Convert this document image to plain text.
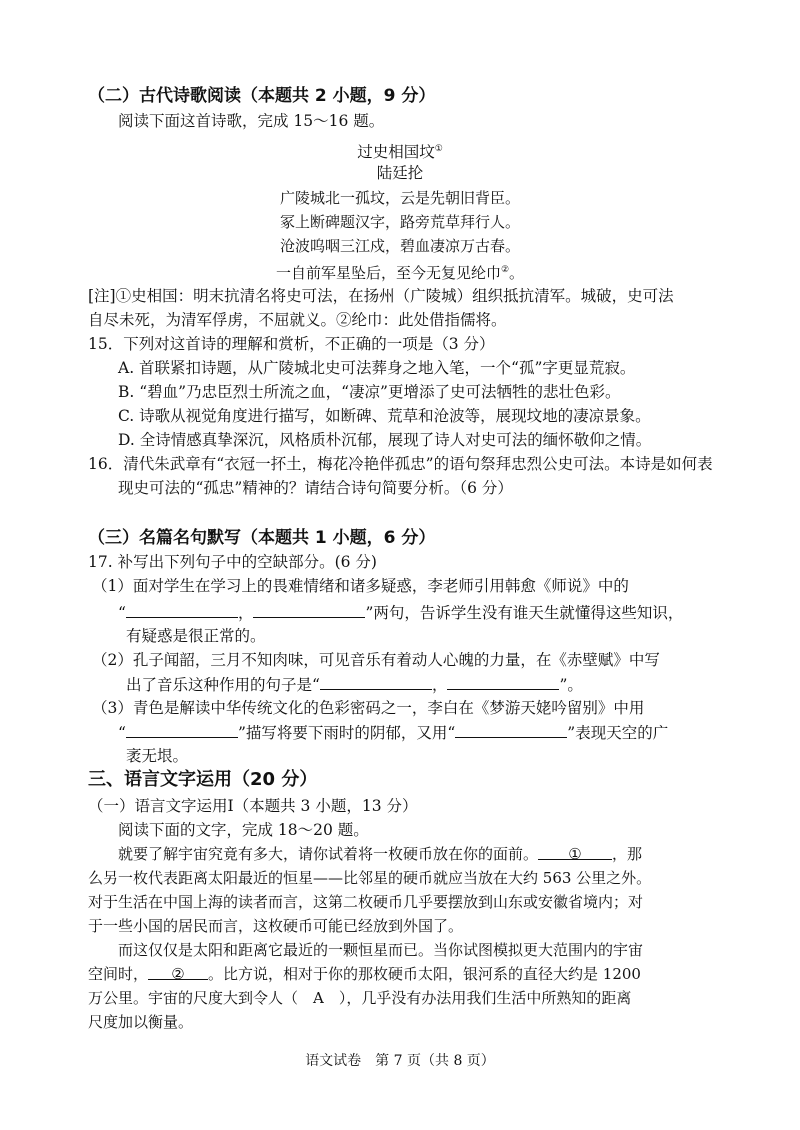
（二）古代诗歌阅读（本题共 2 小题，9 分）
阅读下面这首诗歌，完成 15～16 题。
过史相国坟①
陆廷抡
广陵城北一孤坟，云是先朝旧背臣。
冢上断碑题汉字，路旁荒草拜行人。
沧波呜咽三江戍，碧血凄凉万古春。
一自前军星坠后，至今无复见纶巾②。
[注]①史相国：明末抗清名将史可法，在扬州（广陵城）组织抵抗清军。城破，史可法
自尽未死，为清军俘虏，不屈就义。②纶巾：此处借指儒将。
15．下列对这首诗的理解和赏析，不正确的一项是（3 分）
A. 首联紧扣诗题，从广陵城北史可法葬身之地入笔，一个“孤”字更显荒寂。
B. “碧血”乃忠臣烈士所流之血，“凄凉”更增添了史可法牺牲的悲壮色彩。
C. 诗歌从视觉角度进行描写，如断碑、荒草和沧波等，展现坟地的凄凉景象。
D. 全诗情感真挚深沉，风格质朴沉郁，展现了诗人对史可法的缅怀敬仰之情。
16．清代朱武章有“衣冠一抔土，梅花冷艳伴孤忠”的语句祭拜忠烈公史可法。本诗是如何表
现史可法的“孤忠”精神的？请结合诗句简要分析。（6 分）
（三）名篇名句默写（本题共 1 小题，6 分）
17. 补写出下列句子中的空缺部分。(6 分)
（1）面对学生在学习上的畏难情绪和诸多疑惑，李老师引用韩愈《师说》中的
“	，	”两句，告诉学生没有谁天生就懂得这些知识，
有疑惑是很正常的。
（2）孔子闻韶，三月不知肉味，可见音乐有着动人心魄的力量，在《赤壁赋》中写
出了音乐这种作用的句子是“	，	”。
（3）青色是解读中华传统文化的色彩密码之一，李白在《梦游天姥吟留别》中用
“	”描写将要下雨时的阴郁，又用“	”表现天空的广
袤无垠。
三、语言文字运用（20 分）
（一）语言文字运用Ⅰ（本题共 3 小题，13 分）
阅读下面的文字，完成 18～20 题。
就要了解宇宙究竟有多大，请你试着将一枚硬币放在你的面前。 ① ，那
么另一枚代表距离太阳最近的恒星——比邻星的硬币就应当放在大约 563 公里之外。
对于生活在中国上海的读者而言，这第二枚硬币几乎要摆放到山东或安徽省境内；对
于一些小国的居民而言，这枚硬币可能已经放到外国了。
而这仅仅是太阳和距离它最近的一颗恒星而已。当你试图模拟更大范围内的宇宙
空间时， ② 。比方说，相对于你的那枚硬币太阳，银河系的直径大约是 1200
万公里。宇宙的尺度大到令人（　A　），几乎没有办法用我们生活中所熟知的距离
尺度加以衡量。
语文试卷　第 7 页（共 8 页）
